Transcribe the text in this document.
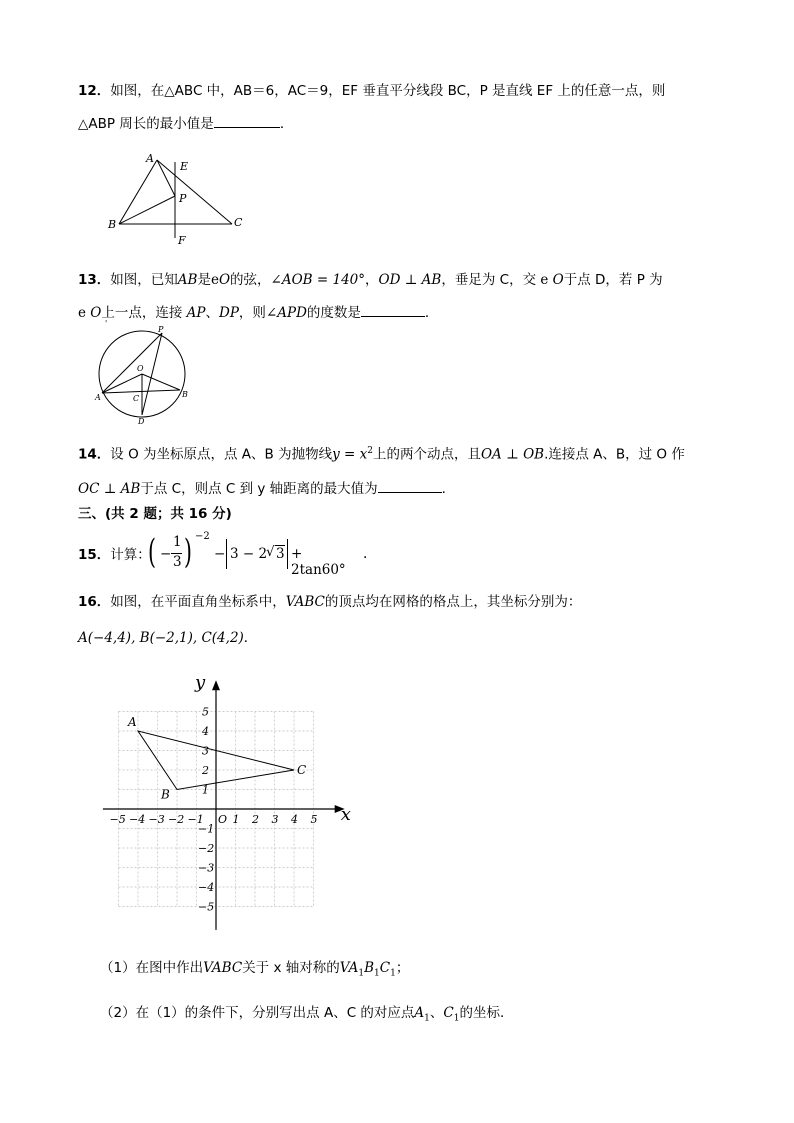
12．如图，在△ABC 中，AB＝6，AC＝9，EF 垂直平分线段 BC，P 是直线 EF 上的任意一点，则
△ABP 周长的最小值是	．
A
B	C
E
F
P
13．如图，已知AB是eO的弦，∠AOB = 140°，OD ⊥ AB，垂足为 C，交 e O于点 D，若 P 为
e O上一点，连接 AP、DP，则∠APD的度数是	．
'
P
O
A	B
C
D
14．设 O 为坐标原点，点 A、B 为抛物线$y = x^2$上的两个动点，且OA ⊥ OB.连接点 A、B，过 O 作
OC ⊥ AB于点 C，则点 C 到 y 轴距离的最大值为	.
三、(共 2 题；共 16 分)
15．计算：
( −
1
3 ) −2
− 3 − 2
√ 3 + 2tan60°
.
16．如图，在平面直角坐标系中，VABC的顶点均在网格的格点上，其坐标分别为：
A(−4,4), B(−2,1), C(4,2)．
−5 −4 −3 −2 −1	1 2 3 4 5
5
4
3
2
1
−1
−2
−3
−4
−5
O	x
y
A
B
C
（1）在图中作出VABC关于 x 轴对称的$VA_1B_1C_1$；
（2）在（1）的条件下，分别写出点 A、C 的对应点$A_1$、$C_1$的坐标．
